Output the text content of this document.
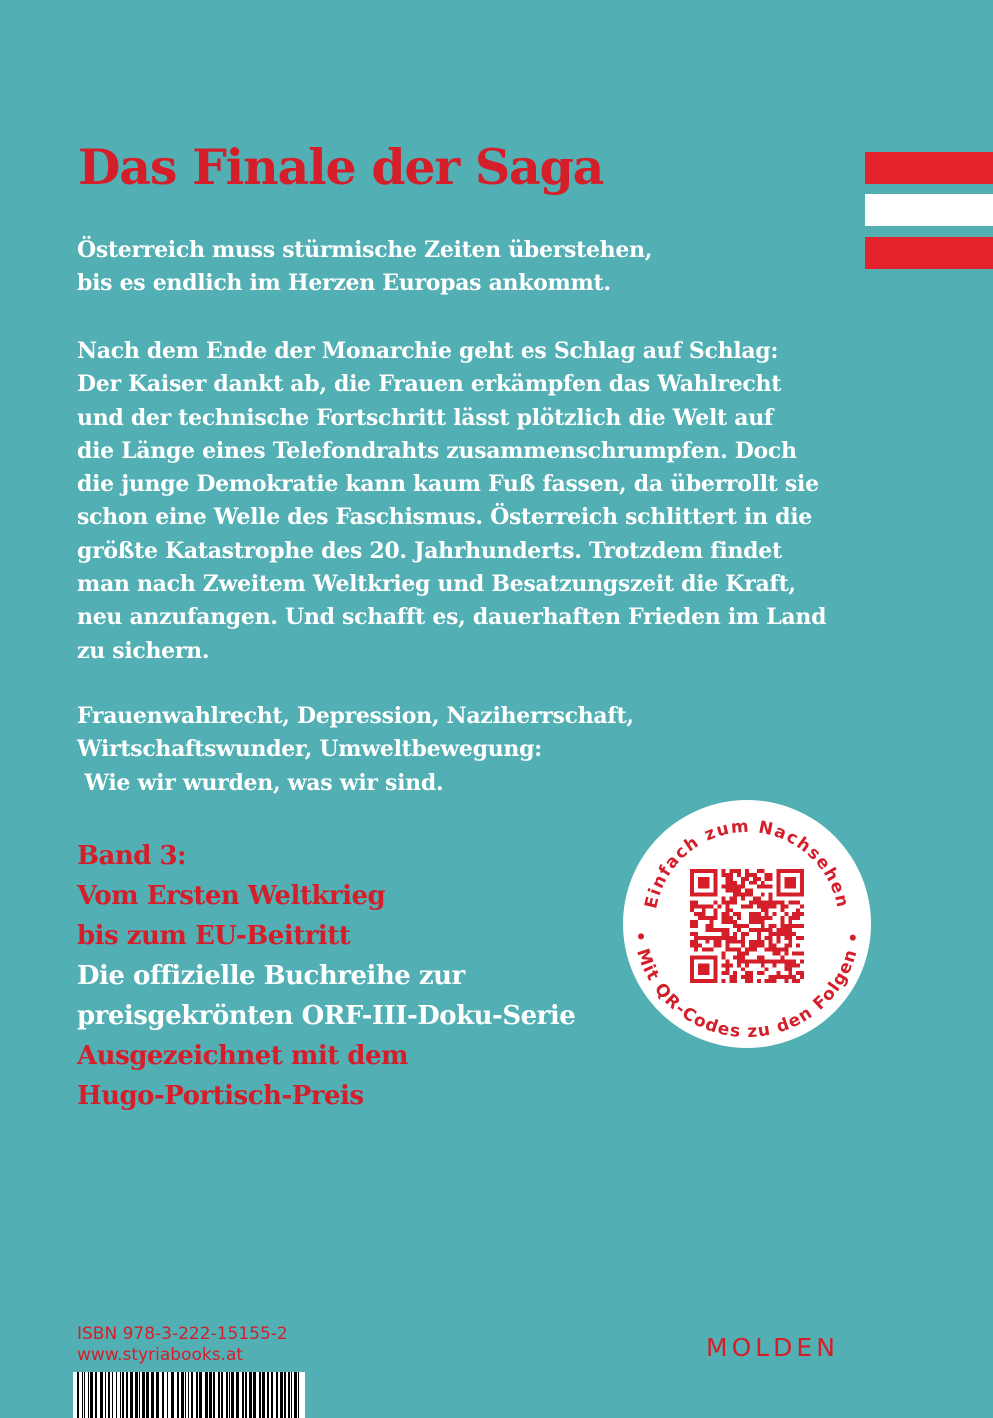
Das Finale der Saga

Österreich muss stürmische Zeiten überstehen,
bis es endlich im Herzen Europas ankommt.

Nach dem Ende der Monarchie geht es Schlag auf Schlag:
Der Kaiser dankt ab, die Frauen erkämpfen das Wahlrecht
und der technische Fortschritt lässt plötzlich die Welt auf
die Länge eines Telefondrahts zusammenschrumpfen. Doch
die junge Demokratie kann kaum Fuß fassen, da überrollt sie
schon eine Welle des Faschismus. Österreich schlittert in die
größte Katastrophe des 20. Jahrhunderts. Trotzdem findet
man nach Zweitem Weltkrieg und Besatzungszeit die Kraft,
neu anzufangen. Und schafft es, dauerhaften Frieden im Land
zu sichern.

Frauenwahlrecht, Depression, Naziherrschaft,
Wirtschaftswunder, Umweltbewegung:
Wie wir wurden, was wir sind.

Band 3:
Vom Ersten Weltkrieg
bis zum EU-Beitritt
Die offizielle Buchreihe zur
preisgekrönten ORF-III-Doku-Serie
Ausgezeichnet mit dem
Hugo-Portisch-Preis
Einfach zum Nachsehen
• Mit QR-Codes zu den Folgen •

ISBN 978-3-222-15155-2
www.styriabooks.at	MOLDEN
